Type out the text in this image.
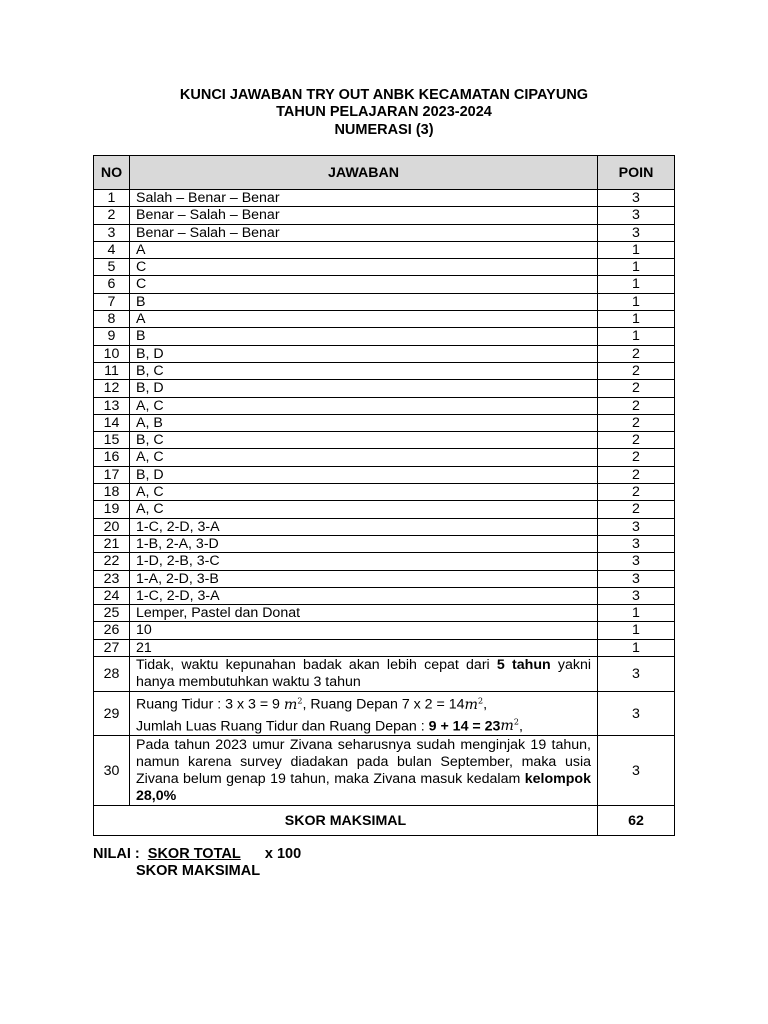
KUNCI JAWABAN TRY OUT ANBK KECAMATAN CIPAYUNG
TAHUN PELAJARAN 2023-2024
NUMERASI (3)
NO	JAWABAN	POIN
1	Salah – Benar – Benar	3
2	Benar – Salah – Benar	3
3	Benar – Salah – Benar	3
4	A	1
5	C	1
6	C	1
7	B	1
8	A	1
9	B	1
10	B, D	2
11	B, C	2
12	B, D	2
13	A, C	2
14	A, B	2
15	B, C	2
16	A, C	2
17	B, D	2
18	A, C	2
19	A, C	2
20	1-C, 2-D, 3-A	3
21	1-B, 2-A, 3-D	3
22	1-D, 2-B, 3-C	3
23	1-A, 2-D, 3-B	3
24	1-C, 2-D, 3-A	3
25	Lemper, Pastel dan Donat	1
26	10	1
27	21	1
28	Tidak, waktu kepunahan badak akan lebih cepat dari 5 tahun yakni hanya membutuhkan waktu 3 tahun	3
29	Ruang Tidur : 3 x 3 = 9 $m^2$, Ruang Depan 7 x $2 = 14m^2$,
Jumlah Luas Ruang Tidur dan Ruang Depan : $9 + 14 = 23m^2$,	3
30	Pada tahun 2023 umur Zivana seharusnya sudah menginjak 19 tahun, namun karena survey diadakan pada bulan September, maka usia Zivana belum genap 19 tahun, maka Zivana masuk kedalam kelompok 28,0%	3
SKOR MAKSIMAL		62
NILAI : SKOR TOTAL x 100
SKOR MAKSIMAL
